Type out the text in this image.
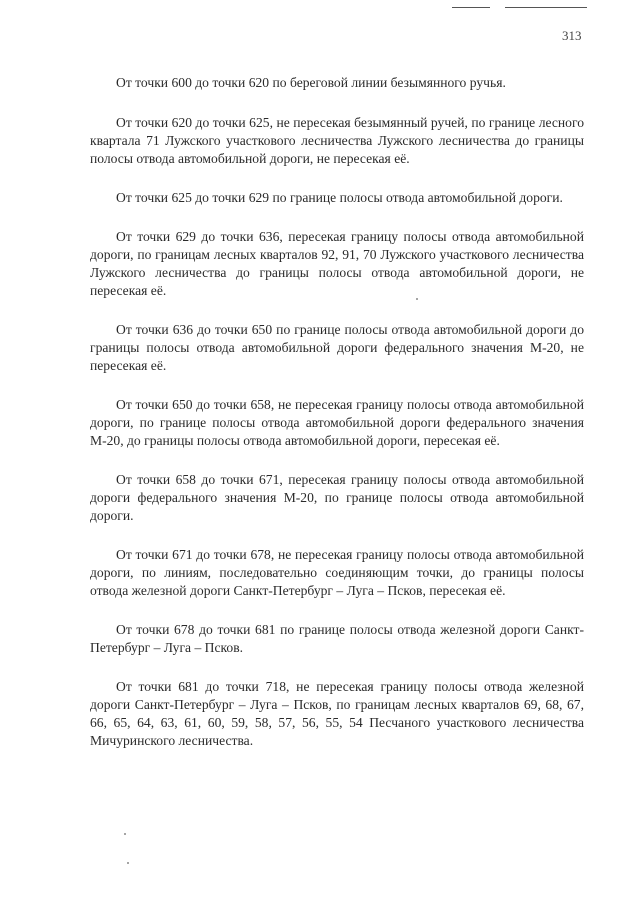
313

От точки 600 до точки 620 по береговой линии безымянного ручья.

От точки 620 до точки 625, не пересекая безымянный ручей, по границе лесного квартала 71 Лужского участкового лесничества Лужского лесничества до границы полосы отвода автомобильной дороги, не пересекая её.

От точки 625 до точки 629 по границе полосы отвода автомобильной дороги.

От точки 629 до точки 636, пересекая границу полосы отвода автомобильной дороги, по границам лесных кварталов 92, 91, 70 Лужского участкового лесничества Лужского лесничества до границы полосы отвода автомобильной дороги, не пересекая её.

От точки 636 до точки 650 по границе полосы отвода автомобильной дороги до границы полосы отвода автомобильной дороги федерального значения М-20, не пересекая её.

От точки 650 до точки 658, не пересекая границу полосы отвода автомобильной дороги, по границе полосы отвода автомобильной дороги федерального значения М-20, до границы полосы отвода автомобильной дороги, пересекая её.

От точки 658 до точки 671, пересекая границу полосы отвода автомобильной дороги федерального значения М-20, по границе полосы отвода автомобильной дороги.

От точки 671 до точки 678, не пересекая границу полосы отвода автомобильной дороги, по линиям, последовательно соединяющим точки, до границы полосы отвода железной дороги Санкт-Петербург – Луга – Псков, пересекая её.

От точки 678 до точки 681 по границе полосы отвода железной дороги Санкт-Петербург – Луга – Псков.

От точки 681 до точки 718, не пересекая границу полосы отвода железной дороги Санкт-Петербург – Луга – Псков, по границам лесных кварталов 69, 68, 67, 66, 65, 64, 63, 61, 60, 59, 58, 57, 56, 55, 54 Песчаного участкового лесничества Мичуринского лесничества.
